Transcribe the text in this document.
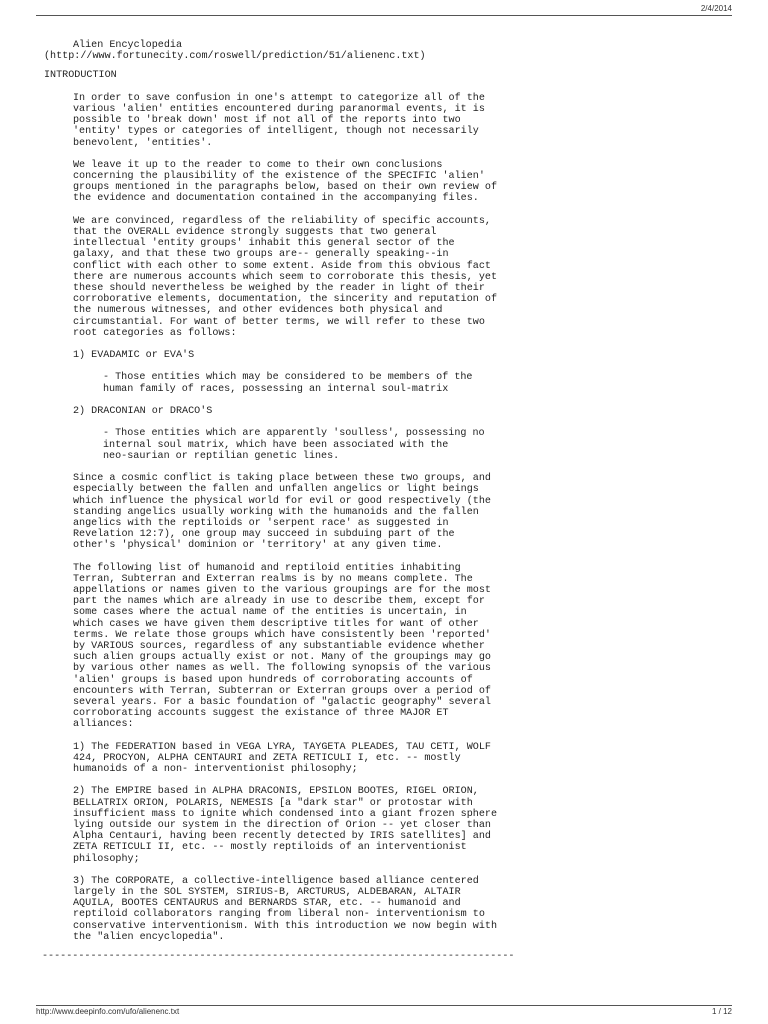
2/4/2014
Alien Encyclopedia
(http://www.fortunecity.com/roswell/prediction/51/alienenc.txt)
INTRODUCTION
In order to save confusion in one's attempt to categorize all of the
various 'alien' entities encountered during paranormal events, it is
possible to 'break down' most if not all of the reports into two
'entity' types or categories of intelligent, though not necessarily
benevolent, 'entities'.
We leave it up to the reader to come to their own conclusions
concerning the plausibility of the existence of the SPECIFIC 'alien'
groups mentioned in the paragraphs below, based on their own review of
the evidence and documentation contained in the accompanying files.
We are convinced, regardless of the reliability of specific accounts,
that the OVERALL evidence strongly suggests that two general
intellectual 'entity groups' inhabit this general sector of the
galaxy, and that these two groups are-- generally speaking--in
conflict with each other to some extent. Aside from this obvious fact
there are numerous accounts which seem to corroborate this thesis, yet
these should nevertheless be weighed by the reader in light of their
corroborative elements, documentation, the sincerity and reputation of
the numerous witnesses, and other evidences both physical and
circumstantial. For want of better terms, we will refer to these two
root categories as follows:
1) EVADAMIC or EVA'S
- Those entities which may be considered to be members of the
human family of races, possessing an internal soul-matrix
2) DRACONIAN or DRACO'S
- Those entities which are apparently 'soulless', possessing no
internal soul matrix, which have been associated with the
neo-saurian or reptilian genetic lines.
Since a cosmic conflict is taking place between these two groups, and
especially between the fallen and unfallen angelics or light beings
which influence the physical world for evil or good respectively (the
standing angelics usually working with the humanoids and the fallen
angelics with the reptiloids or 'serpent race' as suggested in
Revelation 12:7), one group may succeed in subduing part of the
other's 'physical' dominion or 'territory' at any given time.
The following list of humanoid and reptiloid entities inhabiting
Terran, Subterran and Exterran realms is by no means complete. The
appellations or names given to the various groupings are for the most
part the names which are already in use to describe them, except for
some cases where the actual name of the entities is uncertain, in
which cases we have given them descriptive titles for want of other
terms. We relate those groups which have consistently been 'reported'
by VARIOUS sources, regardless of any substantiable evidence whether
such alien groups actually exist or not. Many of the groupings may go
by various other names as well. The following synopsis of the various
'alien' groups is based upon hundreds of corroborating accounts of
encounters with Terran, Subterran or Exterran groups over a period of
several years. For a basic foundation of "galactic geography" several
corroborating accounts suggest the existance of three MAJOR ET
alliances:
1) The FEDERATION based in VEGA LYRA, TAYGETA PLEADES, TAU CETI, WOLF
424, PROCYON, ALPHA CENTAURI and ZETA RETICULI I, etc. -- mostly
humanoids of a non- interventionist philosophy;
2) The EMPIRE based in ALPHA DRACONIS, EPSILON BOOTES, RIGEL ORION,
BELLATRIX ORION, POLARIS, NEMESIS [a "dark star" or protostar with
insufficient mass to ignite which condensed into a giant frozen sphere
lying outside our system in the direction of Orion -- yet closer than
Alpha Centauri, having been recently detected by IRIS satellites] and
ZETA RETICULI II, etc. -- mostly reptiloids of an interventionist
philosophy;
3) The CORPORATE, a collective-intelligence based alliance centered
largely in the SOL SYSTEM, SIRIUS-B, ARCTURUS, ALDEBARAN, ALTAIR
AQUILA, BOOTES CENTAURUS and BERNARDS STAR, etc. -- humanoid and
reptiloid collaborators ranging from liberal non- interventionism to
conservative interventionism. With this introduction we now begin with
the "alien encyclopedia".
------------------------------------------------------------------------------
http://www.deepinfo.com/ufo/alienenc.txt	1 / 12
